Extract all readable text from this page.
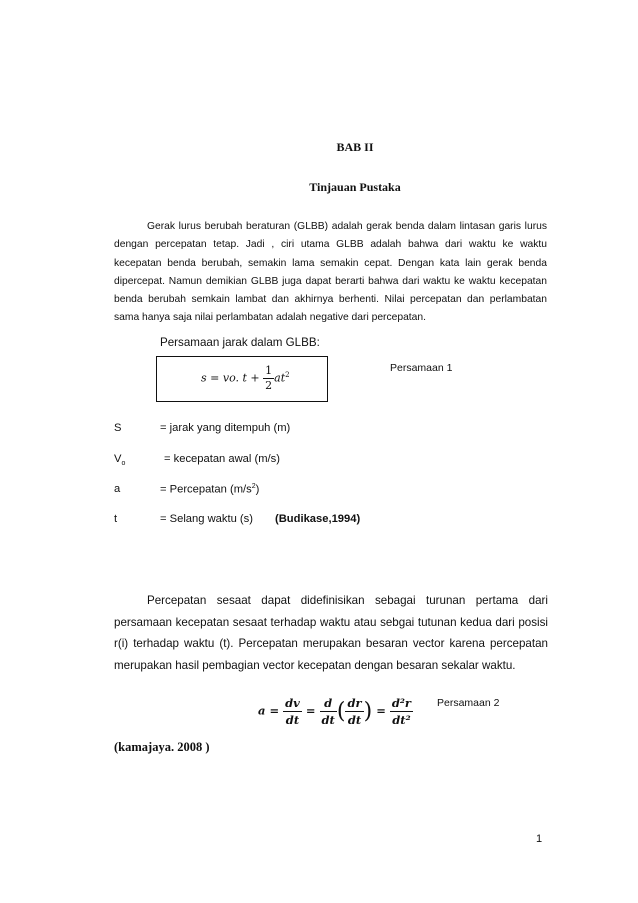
BAB II
Tinjauan Pustaka

Gerak lurus berubah beraturan (GLBB) adalah gerak benda dalam lintasan garis lurus dengan percepatan tetap. Jadi , ciri utama GLBB adalah bahwa dari waktu ke waktu kecepatan benda berubah, semakin lama semakin cepat. Dengan kata lain gerak benda dipercepat. Namun demikian GLBB juga dapat berarti bahwa dari waktu ke waktu kecepatan benda berubah semkain lambat dan akhirnya berhenti. Nilai percepatan dan perlambatan sama hanya saja nilai perlambatan adalah negative dari percepatan.

Persamaan jarak dalam GLBB:
s = vo. $t + \frac{1}{2} at^2$
Persamaan 1
S	= jarak yang ditempuh (m)
$V_o$	= kecepatan awal (m/s)
a	= Percepatan $(m/s^2)$
t	= Selang waktu (s) (Budikase,1994)
Percepatan sesaat dapat didefinisikan sebagai turunan pertama dari persamaan kecepatan sesaat terhadap waktu atau sebgai tutunan kedua dari posisi r(i) terhadap waktu (t). Percepatan merupakan besaran vector karena percepatan merupakan hasil pembagian vector kecepatan dengan besaran sekalar waktu.
$a = \frac{dv}{dt} = \frac{d}{dt}$ ( $\frac{dr}{dt}$ ) = $\frac{\text{d²r}}{\text{dt²}}$ Persamaan 2
(kamajaya. 2008 )
1
